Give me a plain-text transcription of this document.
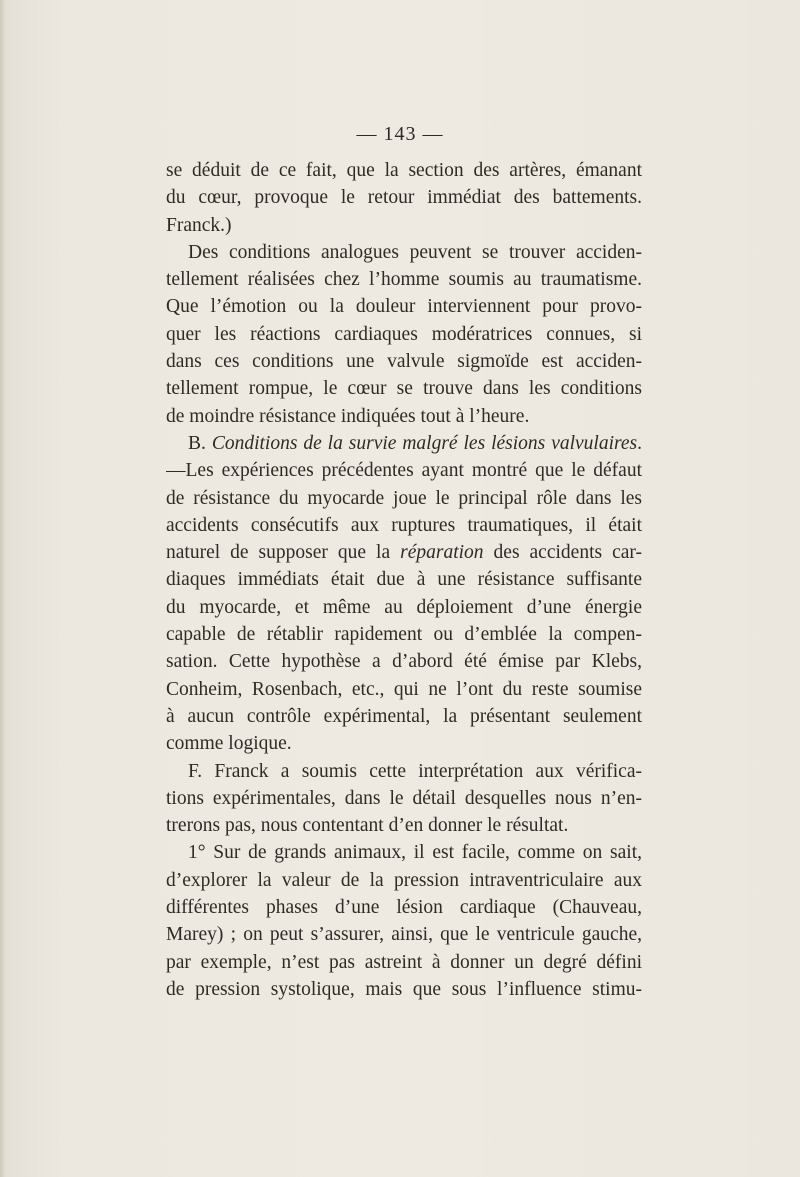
— 143 —
se déduit de ce fait, que la section des artères, émanant
du cœur, provoque le retour immédiat des battements.
Franck.)
Des conditions analogues peuvent se trouver acciden-
tellement réalisées chez l’homme soumis au traumatisme.
Que l’émotion ou la douleur interviennent pour provo-
quer les réactions cardiaques modératrices connues, si
dans ces conditions une valvule sigmoïde est acciden-
tellement rompue, le cœur se trouve dans les conditions
de moindre résistance indiquées tout à l’heure.
B. Conditions de la survie malgré les lésions valvulaires.
—Les expériences précédentes ayant montré que le défaut
de résistance du myocarde joue le principal rôle dans les
accidents consécutifs aux ruptures traumatiques, il était
naturel de supposer que la réparation des accidents car-
diaques immédiats était due à une résistance suffisante
du myocarde, et même au déploiement d’une énergie
capable de rétablir rapidement ou d’emblée la compen-
sation. Cette hypothèse a d’abord été émise par Klebs,
Conheim, Rosenbach, etc., qui ne l’ont du reste soumise
à aucun contrôle expérimental, la présentant seulement
comme logique.
F. Franck a soumis cette interprétation aux vérifica-
tions expérimentales, dans le détail desquelles nous n’en-
trerons pas, nous contentant d’en donner le résultat.
1° Sur de grands animaux, il est facile, comme on sait,
d’explorer la valeur de la pression intraventriculaire aux
différentes phases d’une lésion cardiaque (Chauveau,
Marey) ; on peut s’assurer, ainsi, que le ventricule gauche,
par exemple, n’est pas astreint à donner un degré défini
de pression systolique, mais que sous l’influence stimu-
